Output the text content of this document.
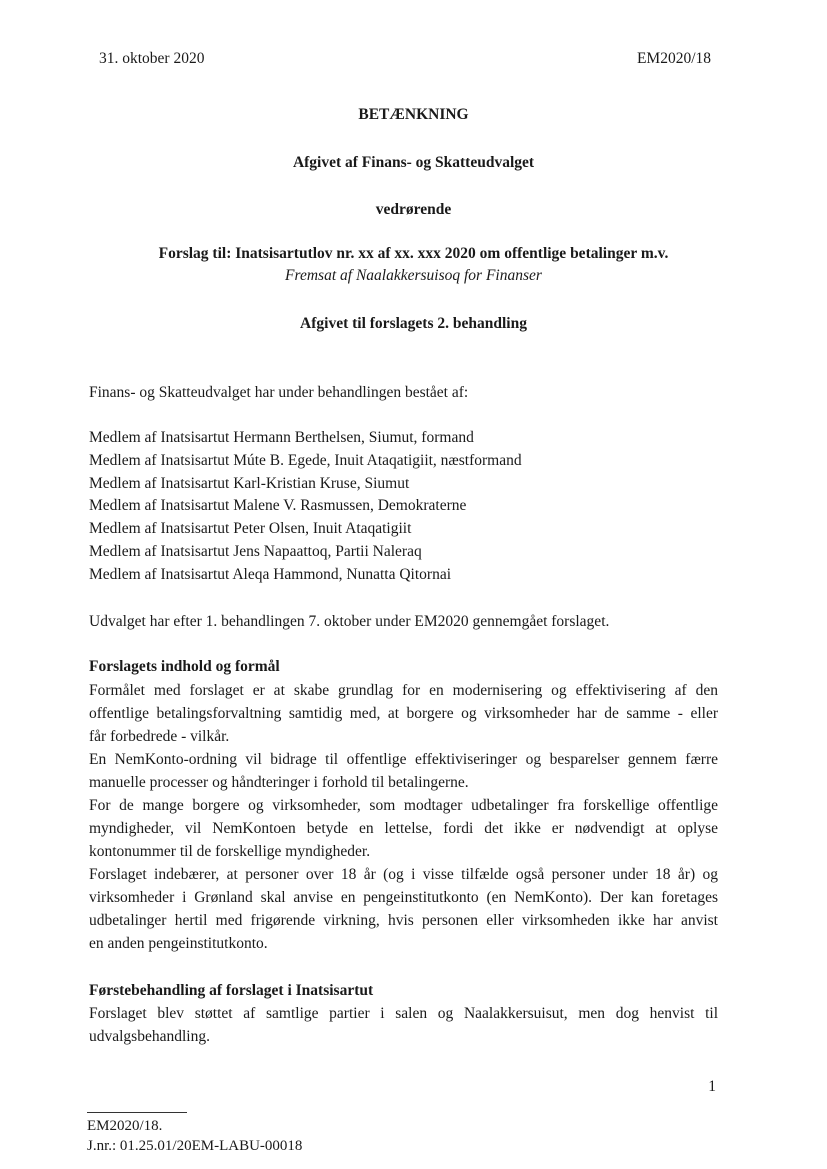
31. oktober 2020	EM2020/18
BETÆNKNING
Afgivet af Finans- og Skatteudvalget
vedrørende
Forslag til: Inatsisartutlov nr. xx af xx. xxx 2020 om offentlige betalinger m.v.
Fremsat af Naalakkersuisoq for Finanser
Afgivet til forslagets 2. behandling
Finans- og Skatteudvalget har under behandlingen bestået af:
Medlem af Inatsisartut Hermann Berthelsen, Siumut, formand
Medlem af Inatsisartut Múte B. Egede, Inuit Ataqatigiit, næstformand
Medlem af Inatsisartut Karl-Kristian Kruse, Siumut
Medlem af Inatsisartut Malene V. Rasmussen, Demokraterne
Medlem af Inatsisartut Peter Olsen, Inuit Ataqatigiit
Medlem af Inatsisartut Jens Napaattoq, Partii Naleraq
Medlem af Inatsisartut Aleqa Hammond, Nunatta Qitornai
Udvalget har efter 1. behandlingen 7. oktober under EM2020 gennemgået forslaget.
Forslagets indhold og formål
Formålet med forslaget er at skabe grundlag for en modernisering og effektivisering af den
offentlige betalingsforvaltning samtidig med, at borgere og virksomheder har de samme - eller
får forbedrede - vilkår.
En NemKonto-ordning vil bidrage til offentlige effektiviseringer og besparelser gennem færre
manuelle processer og håndteringer i forhold til betalingerne.
For de mange borgere og virksomheder, som modtager udbetalinger fra forskellige offentlige
myndigheder, vil NemKontoen betyde en lettelse, fordi det ikke er nødvendigt at oplyse
kontonummer til de forskellige myndigheder.
Forslaget indebærer, at personer over 18 år (og i visse tilfælde også personer under 18 år) og
virksomheder i Grønland skal anvise en pengeinstitutkonto (en NemKonto). Der kan foretages
udbetalinger hertil med frigørende virkning, hvis personen eller virksomheden ikke har anvist
en anden pengeinstitutkonto.
Førstebehandling af forslaget i Inatsisartut
Forslaget blev støttet af samtlige partier i salen og Naalakkersuisut, men dog henvist til
udvalgsbehandling.
1
EM2020/18.
J.nr.: 01.25.01/20EM-LABU-00018
